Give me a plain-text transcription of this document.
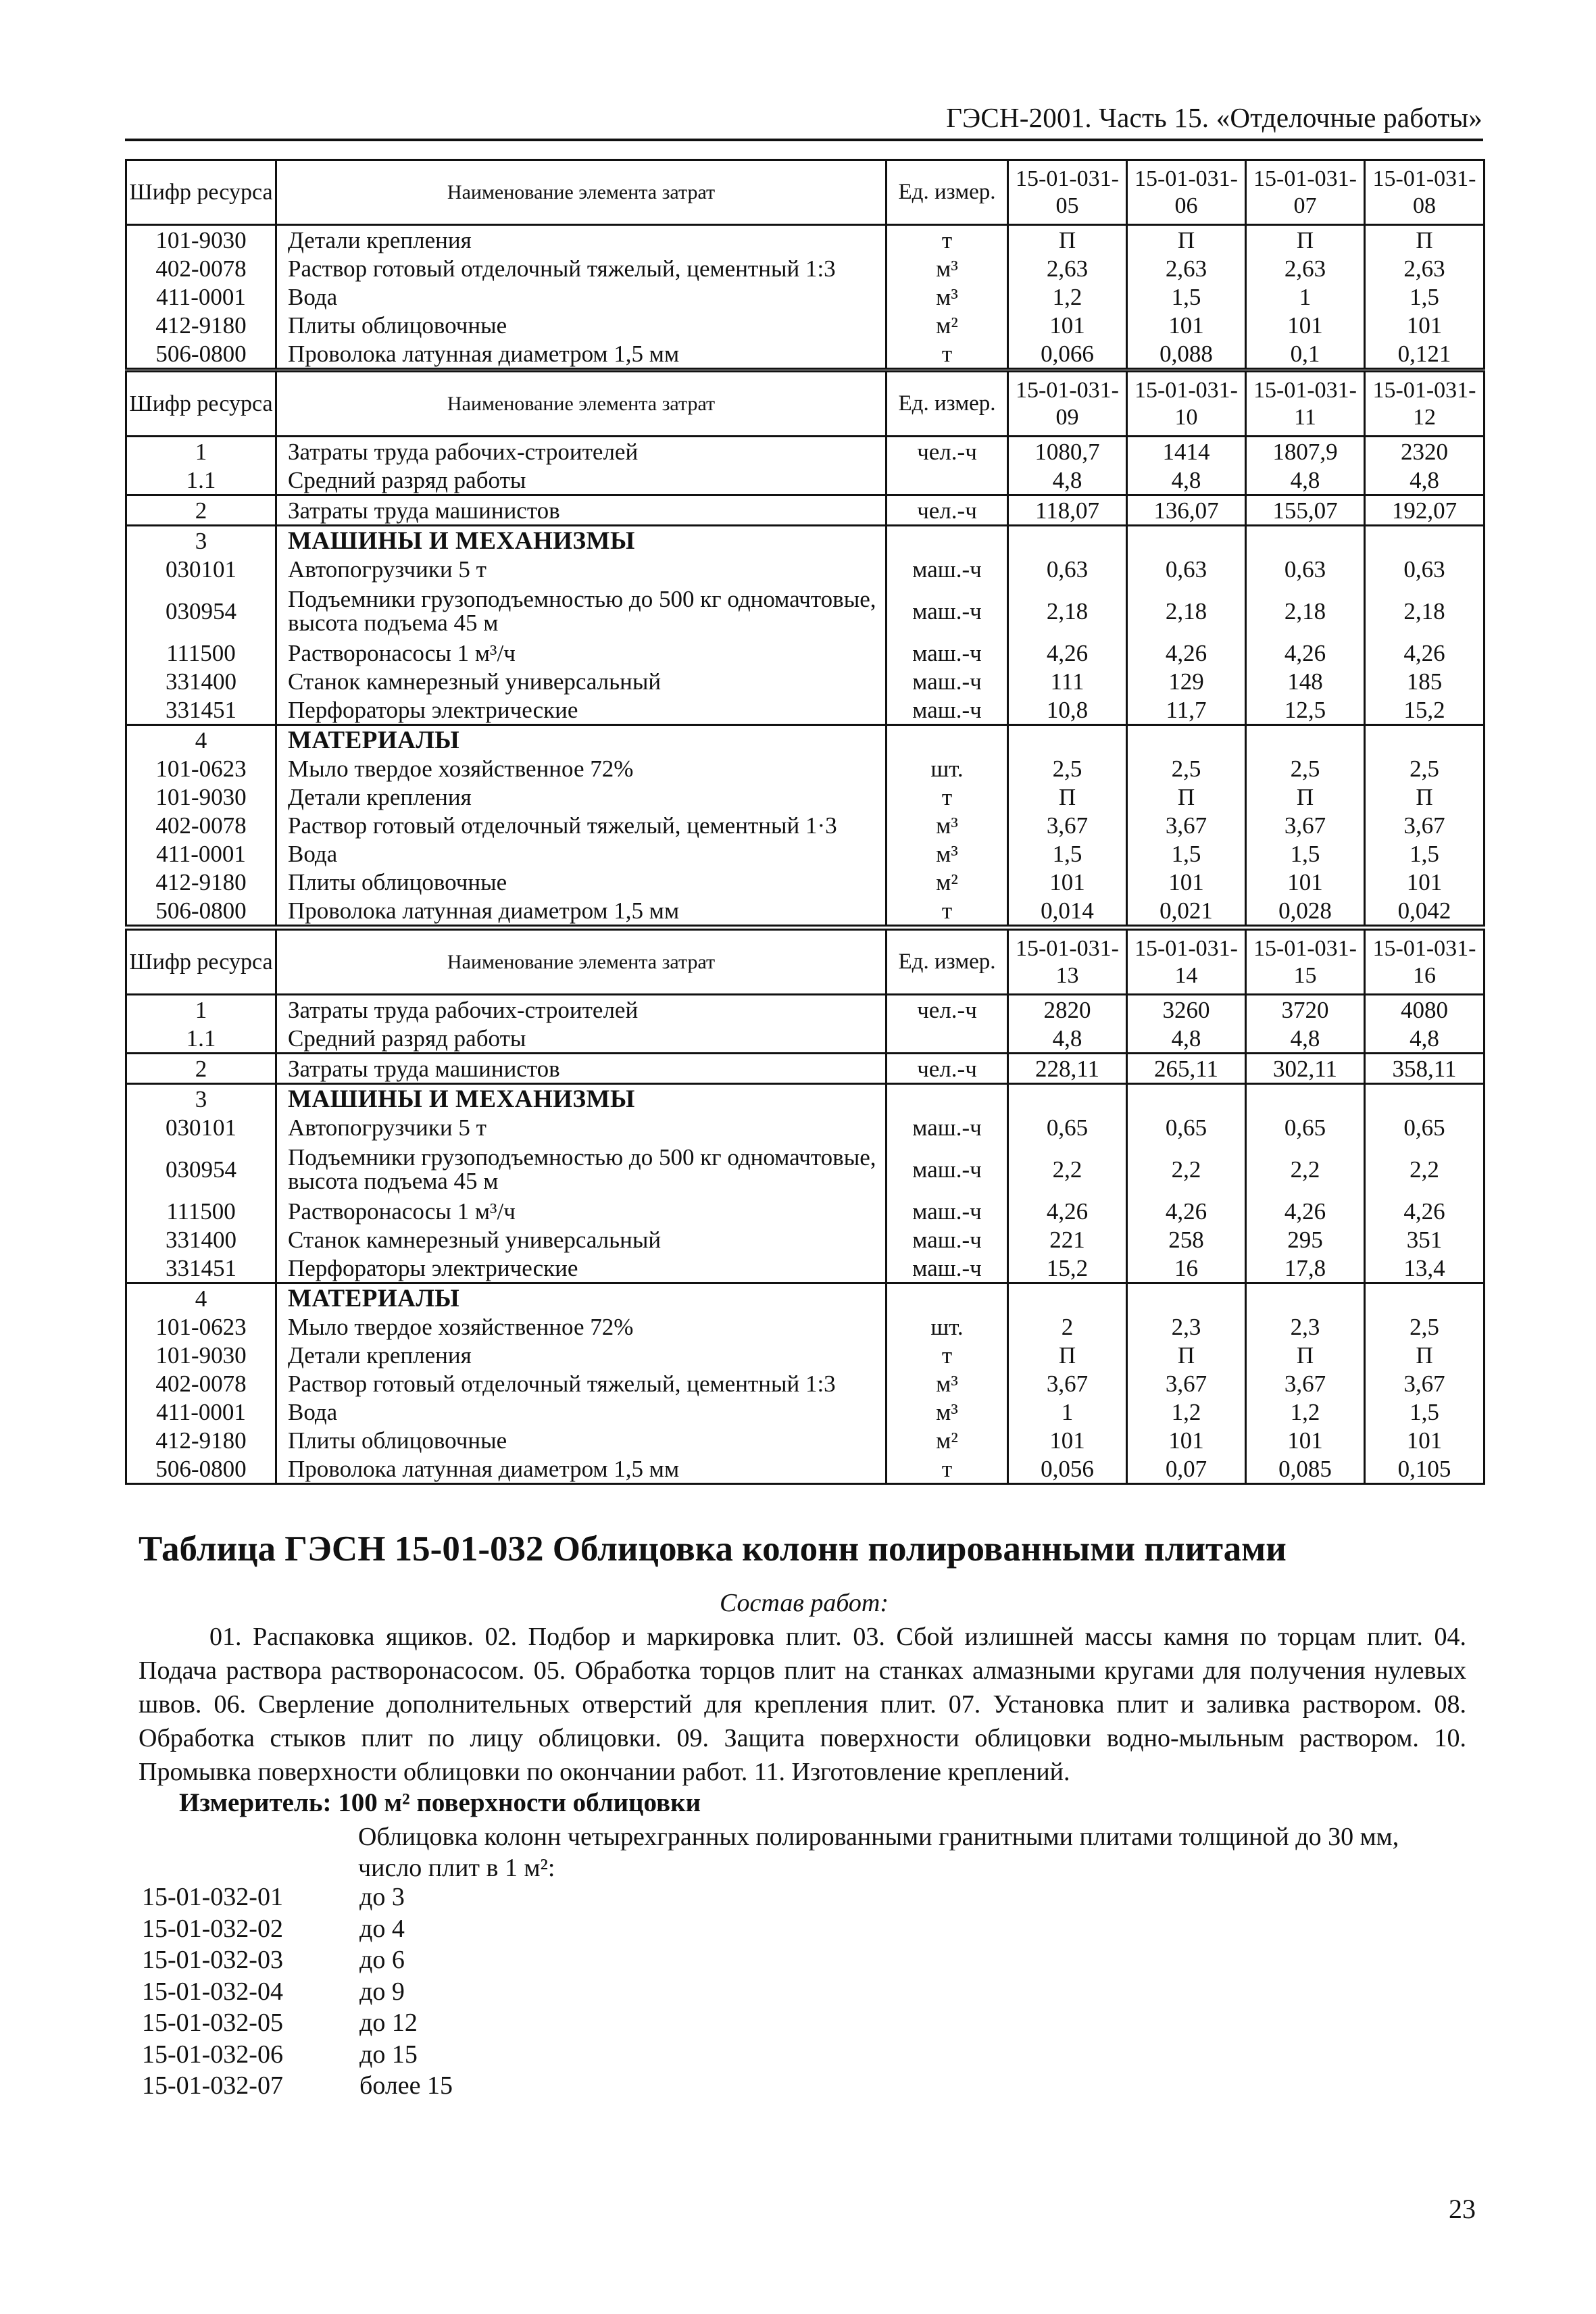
ГЭСН-2001. Часть 15. «Отделочные работы»
Шифр ресурса	Наименование элемента затрат	Ед. измер.	15-01-031-05	15-01-031-06	15-01-031-07	15-01-031-08
101-9030	Детали крепления	т	П	П	П	П
402-0078	Раствор готовый отделочный тяжелый, цементный 1:3	м³	2,63	2,63	2,63	2,63
411-0001	Вода	м³	1,2	1,5	1	1,5
412-9180	Плиты облицовочные	м²	101	101	101	101
506-0800	Проволока латунная диаметром 1,5 мм	т	0,066	0,088	0,1	0,121
Шифр ресурса	Наименование элемента затрат	Ед. измер.	15-01-031-09	15-01-031-10	15-01-031-11	15-01-031-12
1	Затраты труда рабочих-строителей	чел.-ч	1080,7	1414	1807,9	2320
1.1	Средний разряд работы		4,8	4,8	4,8	4,8
2	Затраты труда машинистов	чел.-ч	118,07	136,07	155,07	192,07
3	МАШИНЫ И МЕХАНИЗМЫ					
030101	Автопогрузчики 5 т	маш.-ч	0,63	0,63	0,63	0,63
030954	Подъемники грузоподъемностью до 500 кг одномачтовые, высота подъема 45 м	маш.-ч	2,18	2,18	2,18	2,18
111500	Растворонасосы 1 м³/ч	маш.-ч	4,26	4,26	4,26	4,26
331400	Станок камнерезный универсальный	маш.-ч	111	129	148	185
331451	Перфораторы электрические	маш.-ч	10,8	11,7	12,5	15,2
4	МАТЕРИАЛЫ					
101-0623	Мыло твердое хозяйственное 72%	шт.	2,5	2,5	2,5	2,5
101-9030	Детали крепления	т	П	П	П	П
402-0078	Раствор готовый отделочный тяжелый, цементный 1·3	м³	3,67	3,67	3,67	3,67
411-0001	Вода	м³	1,5	1,5	1,5	1,5
412-9180	Плиты облицовочные	м²	101	101	101	101
506-0800	Проволока латунная диаметром 1,5 мм	т	0,014	0,021	0,028	0,042
Шифр ресурса	Наименование элемента затрат	Ед. измер.	15-01-031-13	15-01-031-14	15-01-031-15	15-01-031-16
1	Затраты труда рабочих-строителей	чел.-ч	2820	3260	3720	4080
1.1	Средний разряд работы		4,8	4,8	4,8	4,8
2	Затраты труда машинистов	чел.-ч	228,11	265,11	302,11	358,11
3	МАШИНЫ И МЕХАНИЗМЫ					
030101	Автопогрузчики 5 т	маш.-ч	0,65	0,65	0,65	0,65
030954	Подъемники грузоподъемностью до 500 кг одномачтовые, высота подъема 45 м	маш.-ч	2,2	2,2	2,2	2,2
111500	Растворонасосы 1 м³/ч	маш.-ч	4,26	4,26	4,26	4,26
331400	Станок камнерезный универсальный	маш.-ч	221	258	295	351
331451	Перфораторы электрические	маш.-ч	15,2	16	17,8	13,4
4	МАТЕРИАЛЫ					
101-0623	Мыло твердое хозяйственное 72%	шт.	2	2,3	2,3	2,5
101-9030	Детали крепления	т	П	П	П	П
402-0078	Раствор готовый отделочный тяжелый, цементный 1:3	м³	3,67	3,67	3,67	3,67
411-0001	Вода	м³	1	1,2	1,2	1,5
412-9180	Плиты облицовочные	м²	101	101	101	101
506-0800	Проволока латунная диаметром 1,5 мм	т	0,056	0,07	0,085	0,105
Таблица ГЭСН 15-01-032 Облицовка колонн полированными плитами
Состав работ:
01. Распаковка ящиков. 02. Подбор и маркировка плит. 03. Сбой излишней массы камня по торцам плит. 04. Подача раствора растворонасосом. 05. Обработка торцов плит на станках алмазными кругами для получения нулевых швов. 06. Сверление дополнительных отверстий для крепления плит. 07. Установка плит и заливка раствором. 08. Обработка стыков плит по лицу облицовки. 09. Защита поверхности облицовки водно-мыльным раствором. 10. Промывка поверхности облицовки по окончании работ. 11. Изготовление креплений.
Измеритель: 100 м² поверхности облицовки
Облицовка колонн четырехгранных полированными гранитными плитами толщиной до 30 мм, число плит в 1 м²:
15-01-032-01	до 3
15-01-032-02	до 4
15-01-032-03	до 6
15-01-032-04	до 9
15-01-032-05	до 12
15-01-032-06	до 15
15-01-032-07	более 15
23
